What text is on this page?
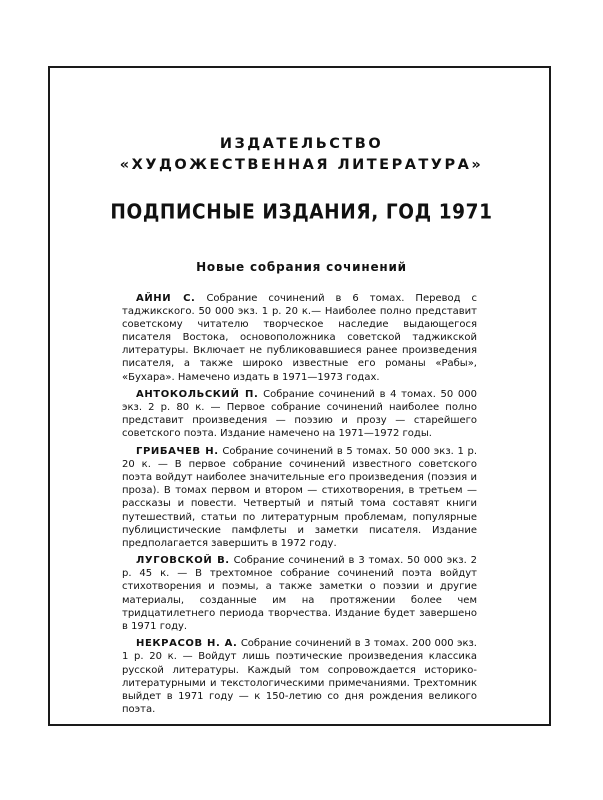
ИЗДАТЕЛЬСТВО
«ХУДОЖЕСТВЕННАЯ ЛИТЕРАТУРА»
ПОДПИСНЫЕ ИЗДАНИЯ, ГОД 1971
Новые собрания сочинений

АЙНИ С. Собрание сочинений в 6 томах. Перевод с таджикского. 50 000 экз. 1 р. 20 к.— Наиболее полно представит советскому читателю творческое наследие выдающегося писателя Востока, основоположника советской таджикской литературы. Включает не публиковавшиеся ранее произведения писателя, а также широко известные его романы «Рабы», «Бухара». Намечено издать в 1971—1973 годах.

АНТОКОЛЬСКИЙ П. Собрание сочинений в 4 томах. 50 000 экз. 2 р. 80 к. — Первое собрание сочинений наиболее полно представит произведения — поэзию и прозу — старейшего советского поэта. Издание намечено на 1971—1972 годы.

ГРИБАЧЕВ Н. Собрание сочинений в 5 томах. 50 000 экз. 1 р. 20 к. — В первое собрание сочинений известного советского поэта войдут наиболее значительные его произведения (поэзия и проза). В томах первом и втором — стихотворения, в третьем — рассказы и повести. Четвертый и пятый тома составят книги путешествий, статьи по литературным проблемам, популярные публицистические памфлеты и заметки писателя. Издание предполагается завершить в 1972 году.

ЛУГОВСКОЙ В. Собрание сочинений в 3 томах. 50 000 экз. 2 р. 45 к. — В трехтомное собрание сочинений поэта войдут стихотворения и поэмы, а также заметки о поэзии и другие материалы, созданные им на протяжении более чем тридцатилетнего периода творчества. Издание будет завершено в 1971 году.

НЕКРАСОВ Н. А. Собрание сочинений в 3 томах. 200 000 экз. 1 р. 20 к. — Войдут лишь поэтические произведения классика русской литературы. Каждый том сопровождается историко-литературными и текстологическими примечаниями. Трехтомник выйдет в 1971 году — к 150-летию со дня рождения великого поэта.
